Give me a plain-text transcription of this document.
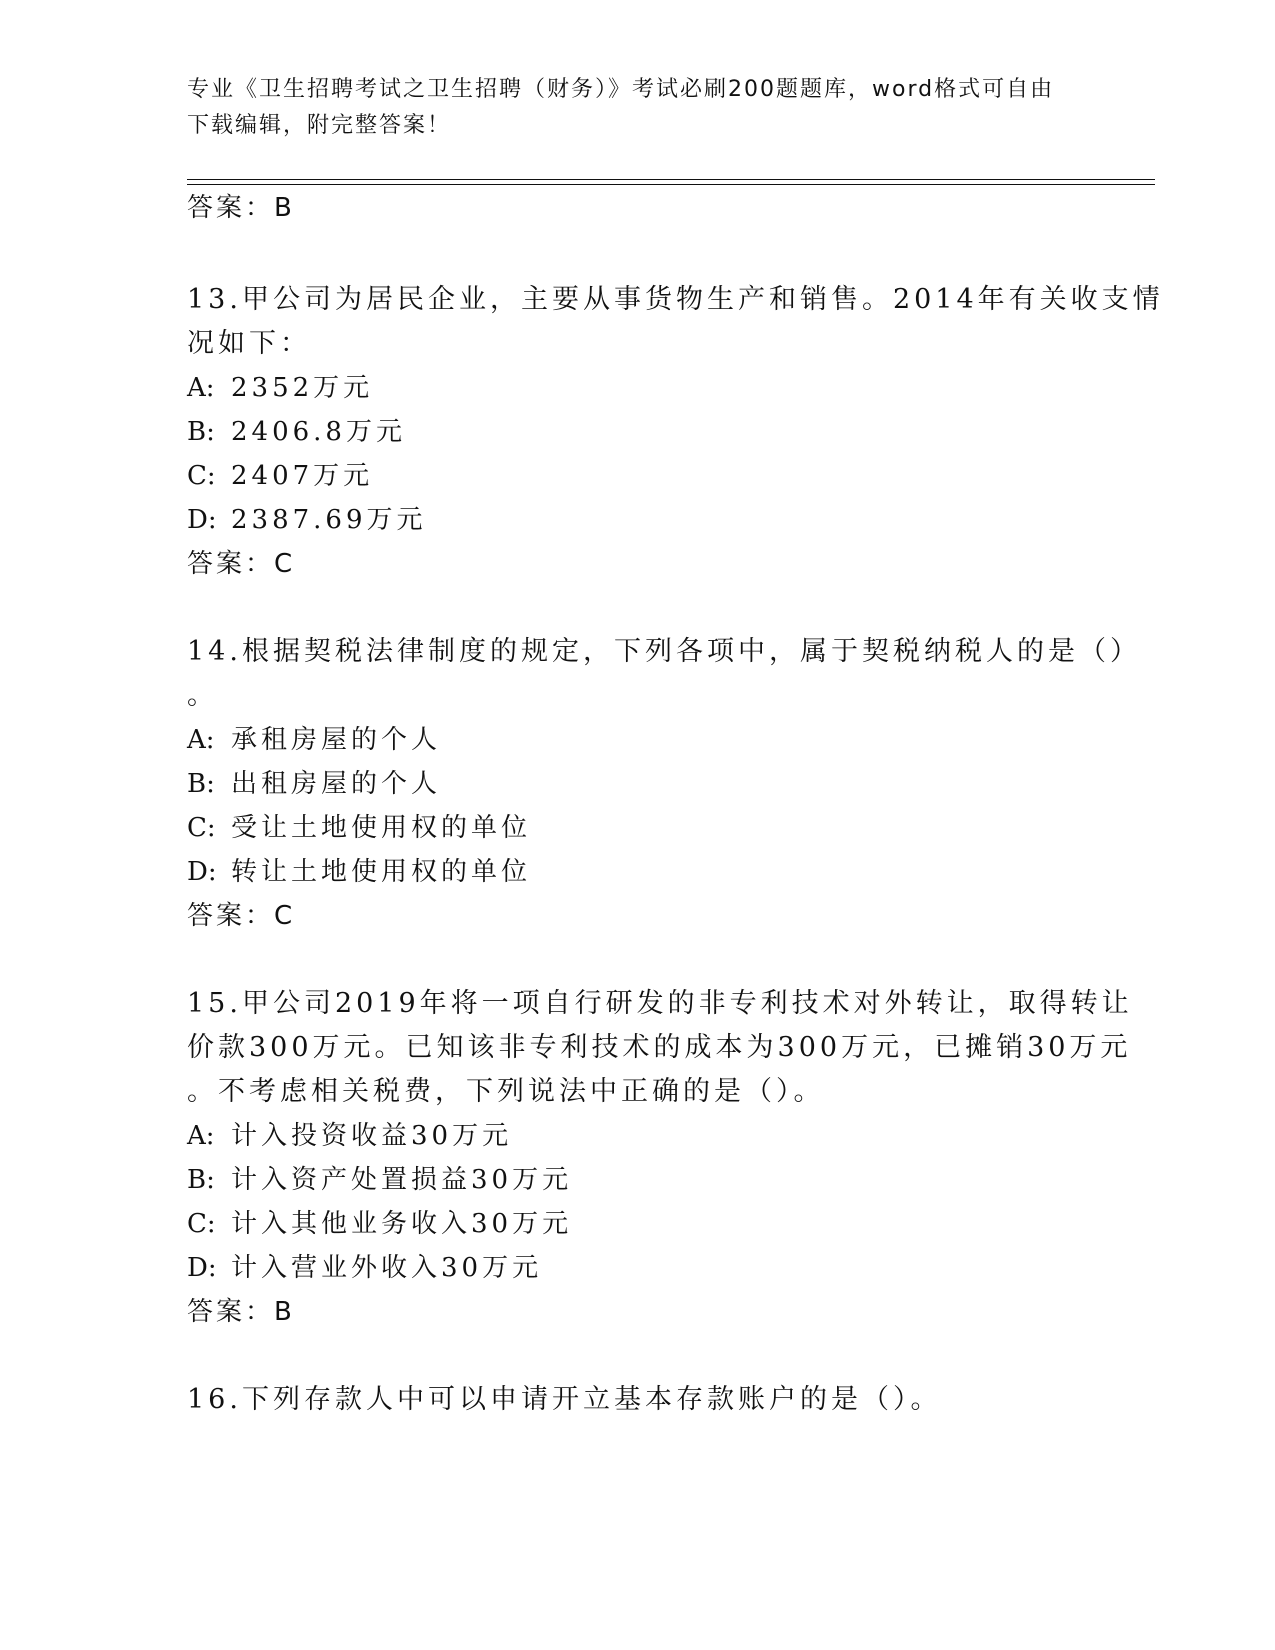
专业《卫生招聘考试之卫生招聘（财务）》考试必刷200题题库，word格式可自由下载编辑，附完整答案！
答案：B
13.甲公司为居民企业，主要从事货物生产和销售。2014年有关收支情
况如下：
A: 2352万元
B: 2406.8万元
C: 2407万元
D: 2387.69万元
答案：C
14.根据契税法律制度的规定，下列各项中，属于契税纳税人的是（）
。
A: 承租房屋的个人
B: 出租房屋的个人
C: 受让土地使用权的单位
D: 转让土地使用权的单位
答案：C
15.甲公司2019年将一项自行研发的非专利技术对外转让，取得转让
价款300万元。已知该非专利技术的成本为300万元，已摊销30万元
。不考虑相关税费，下列说法中正确的是（）。
A: 计入投资收益30万元
B: 计入资产处置损益30万元
C: 计入其他业务收入30万元
D: 计入营业外收入30万元
答案：B
16.下列存款人中可以申请开立基本存款账户的是（）。
